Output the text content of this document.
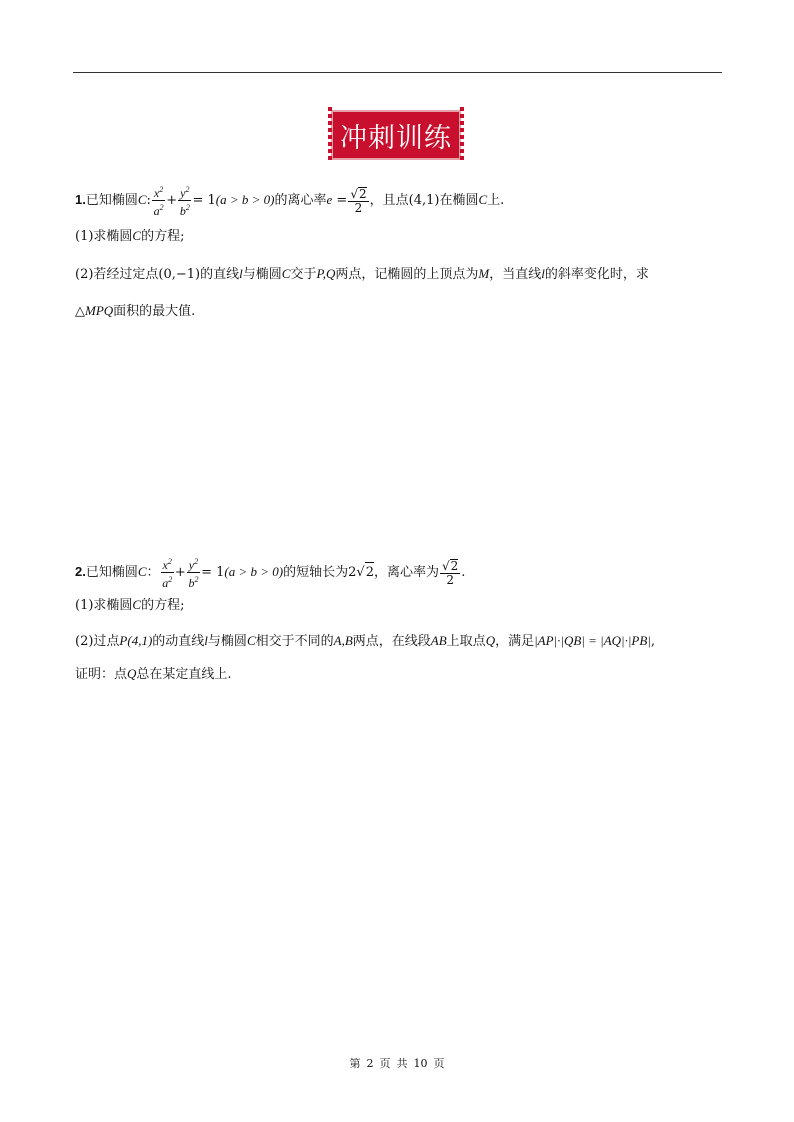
冲刺训练
1.已知椭圆C: $\frac{x^2}{a^2} + \frac{y^2}{b^2} = 1(a > b > 0)$的离心率$e = \frac{√2}{2}$ ，且点(4,1)在椭圆C上.
(1)求椭圆C的方程;
(2)若经过定点(0,−1)的直线l与椭圆C交于P,Q两点，记椭圆的上顶点为M，当直线l的斜率变化时，求
△MPQ面积的最大值.
2.已知椭圆C： $\frac{x^2}{a^2} + \frac{y^2}{b^2} = 1(a > b > 0)$的短轴长为2√2，离心率为 $\frac{√2}{2}$ .
(1)求椭圆C的方程;
(2)过点P(4,1)的动直线l与椭圆C相交于不同的A,B两点，在线段AB上取点Q，满足|AP|·|QB| = |AQ|·|PB|,
证明：点Q总在某定直线上.
第 2 页 共 10 页
